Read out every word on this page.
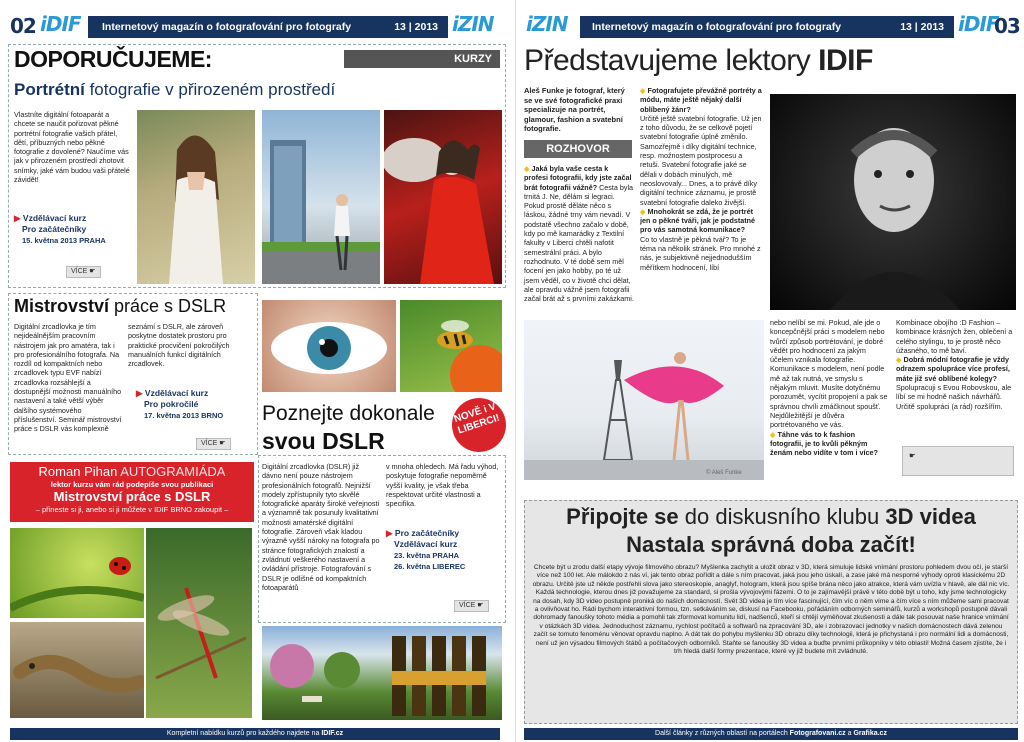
02 iDIF	Internetový magazín o fotografování pro fotografy	13 | 2013 iZIN
KURZY
DOPORUČUJEME:
Portrétní fotografie v přirozeném prostředí
Vlastníte digitální fotoaparát a chcete se naučit pořizovat pěkné portrétní fotografie vašich přátel, dětí, příbuzných nebo pěkné fotografie z dovolené? Naučíme vás jak v přirozeném prostředí zhotovit snímky, jaké vám budou vaši přátelé závidět!
▶ Vzdělávací kurz
Pro začátečníky
15. května 2013 PRAHA
VÍCE ☛
Mistrovství práce s DSLR
Digitální zrcadlovka je tím nejideálnějším pracovním nástrojem jak pro amatéra, tak i pro profesionálního fotografa. Na rozdíl od kompaktních nebo zrcadlovek typu EVF nabízí zrcadlovka rozsáhlejší a dostupnější možnosti manuálního nastavení a také větší výběr dalšího systémového příslušenství. Seminář mistrovství práce s DSLR vás komplexně
seznámí s DSLR, ale zároveň poskytne dostatek prostoru pro praktické procvičení pokročilých manuálních funkcí digitálních zrcadlovek.
▶ Vzdělávací kurz
Pro pokročilé
17. května 2013 BRNO
VÍCE ☛
Roman Pihan AUTOGRAMIÁDA
lektor kurzu vám rád podepíše svou publikaci
Mistrovství práce s DSLR
– přineste si ji, anebo si ji můžete v IDIF BRNO zakoupit –
Poznejte dokonale
svou DSLR
NOVĚ i V LIBERCI!
Digitální zrcadlovka (DSLR) již dávno není pouze nástrojem profesionálních fotografů. Nejnižší modely zpřístupnily tyto skvělé fotografické aparáty široké veřejnosti a významně tak posunuly kvalitativní možnosti amatérské digitální fotografie. Zároveň však kladou výrazně vyšší nároky na fotografa po stránce fotografických znalostí a zvládnutí veškerého nastavení a ovládání přístroje. Fotografování s DSLR je odlišné od kompaktních fotoaparátů
v mnoha ohledech. Má řadu výhod, poskytuje fotografie nepoměrně vyšší kvality, je však třeba respektovat určité vlastnosti a specifika.
▶ Pro začátečníky
Vzdělávací kurz
23. května PRAHA
26. května LIBEREC
VÍCE ☛
Kompletní nabídku kurzů pro každého najdete na IDIF.cz
iZIN	Internetový magazín o fotografování pro fotografy	13 | 2013 iDIF
03
Představujeme lektory IDIF
Aleš Funke je fotograf, který se ve své fotografické praxi specializuje na portrét, glamour, fashion a svatební fotografie.
ROZHOVOR
◆ Jaká byla vaše cesta k profesi fotografii, kdy jste začal brát fotografii vážně? Cesta byla trnitá J. Ne, dělám si legraci. Pokud prostě děláte něco s láskou, žádné trny vám nevadí. V podstatě všechno začalo v době, kdy po mě kamarádky z Textilní fakulty v Liberci chtěli nafotit semestrální práci. A bylo rozhodnuto. V té době sem měl focení jen jako hobby, po té už jsem věděl, co v životě chci dělat, ale opravdu vážně jsem fotografii začal brát až s prvními zakázkami.
◆ Fotografujete převážně portréty a módu, máte ještě nějaký další oblíbený žánr?
Určitě ještě svatební fotografie. Už jen z toho důvodu, že se celkově pojetí svatební fotografie úplně změnilo. Samozřejmě i díky digitální technice, resp. možnostem postprocesu a retuši. Svatební fotografie jaké se dělali v dobách minulých, mě neoslovovaly... Dnes, a to právě díky digitální technice záznamu, je prostě svatební fotografie daleko živější.
◆ Mnohokrát se zdá, že je portrét jen o pěkné tváři, jak je podstatné pro vás samotná komunikace?
Co to vlastně je pěkná tvář? To je téma na několik stránek. Pro mnohé z nás, je subjektivně nejjednodušším měřítkem hodnocení, líbí
© Aleš Funke
nebo nelíbí se mi. Pokud, ale jde o koncepčnější práci s modelem nebo tvůrčí způsob portrétování, je dobré vědět pro hodnocení za jakým účelem vznikala fotografie. Komunikace s modelem, není podle mě až tak nutná, ve smyslu s nějakým mluvit. Musíte dotyčnému porozumět, vycítit propojení a pak se správnou chvíli zmáčknout spoušť. Nejdůležitější je důvěra portrétovaného ve vás.
◆ Táhne vás to k fashion fotografii, je to kvůli pěkným ženám nebo vidíte v tom i více?
Kombinace obojího :D Fashion – kombinace krásných žen, oblečení a celého stylingu, to je prostě něco úžasného, to mě baví.
◆ Dobrá módní fotografie je vždy odrazem spolupráce více profesí, máte již své oblíbené kolegy?
Spolupracuji s Evou Robovskou, ale líbí se mi hodně našich návrhářů. Určitě spolupráci (a rád) rozšířím.
☛
Připojte se do diskusního klubu 3D videa
Nastala správná doba začít!
Chcete být u zrodu další etapy vývoje filmového obrazu? Myšlenka zachytit a uložit obraz v 3D, která simuluje lidské vnímání prostoru pohledem dvou očí, je starší více než 100 let. Ale málokdo z nás ví, jak tento obraz pořídit a dále s ním pracovat, jaká jsou jeho úskalí, a zase jaké má nesporné výhody oproti klasickému 2D obrazu. Určitě jste už někde postřehli slova jako stereoskopie, anaglyf, hologram, která jsou spíše brána něco jako atrakce, která vám uvízla v hlavě, ale dál nic víc.
Každá technologie, kterou dnes již považujeme za standard, si prošla vývojovými fázemi. O to je zajímavější právě v této době být u toho, kdy jsme technologicky na dosah, kdy 3D video postupně proniká do našich domácností. Svět 3D videa je tím více fascinující, čím víc o něm víme a čím více s ním můžeme sami pracovat a ovlivňovat ho. Rádi bychom interaktivní formou, tzn. setkáváním se, diskusí na Facebooku, pořádáním odborných seminářů, kurzů a workshopů postupně dávali dohromady fanoušky tohoto média a pomohli tak zformovat komunitu lidí, nadšenců, kteří si chtějí vyměňovat zkušenosti a dále tak posouvat naše hranice vnímání v otázkách 3D videa. Jednoduchost záznamu, rychlost počítačů a softwarů na zpracování 3D, ale i zobrazovací jednotky v našich domácnostech dává zelenou začít se tomuto fenoménu věnovat opravdu naplno. A dát tak do pohybu myšlenku 3D obrazu díky technologii, která je přichystaná i pro normální lidi a domácnosti, není už jen výsadou filmových štábů a počítačových odborníků. Staňte se fanoušky 3D videa a buďte prvními průkopníky v této oblasti! Možná časem zjistíte, že i trh hledá další formy prezentace, které vy již budete mít zvládnuté.
Další články z různých oblastí na portálech Fotografovani.cz a Grafika.cz
